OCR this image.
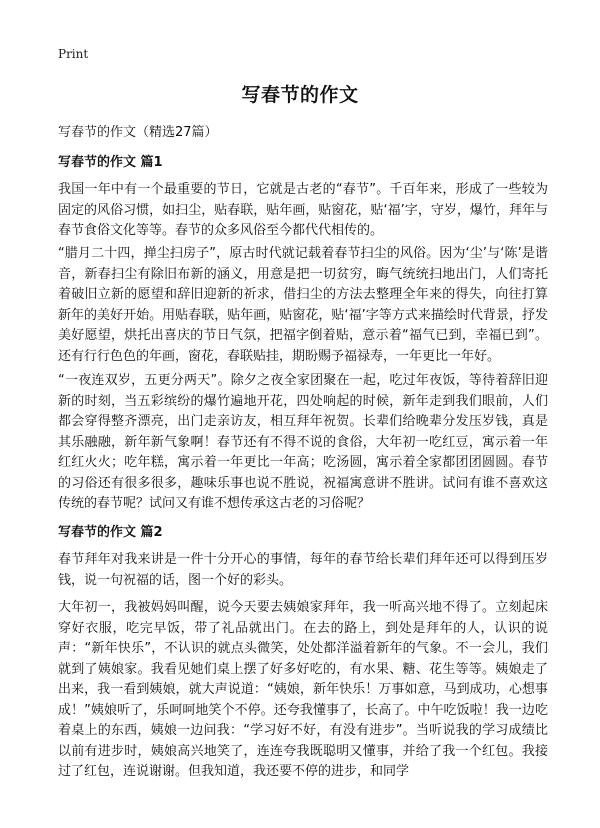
Print
写春节的作文
写春节的作文（精选27篇）
写春节的作文 篇1

我国一年中有一个最重要的节日，它就是古老的“春节”。千百年来，形成了一些较为固定的风俗习惯，如扫尘，贴春联，贴年画，贴窗花，贴‘福’字，守岁，爆竹，拜年与春节食俗文化等等。春节的众多风俗至今都代代相传的。

“腊月二十四，掸尘扫房子”，原古时代就记载着春节扫尘的风俗。因为‘尘’与‘陈’是谐音，新春扫尘有除旧布新的涵义，用意是把一切贫穷，晦气统统扫地出门，人们寄托着破旧立新的愿望和辞旧迎新的祈求，借扫尘的方法去整理全年来的得失，向往打算新年的美好开始。用贴春联，贴年画，贴窗花，贴‘福’字等方式来描绘时代背景，抒发美好愿望，烘托出喜庆的节日气氛，把福字倒着贴，意示着“福气已到，幸福已到”。还有行行色色的年画，窗花，春联贴挂，期盼赐予福禄寿，一年更比一年好。

“一夜连双岁，五更分两天”。除夕之夜全家团聚在一起，吃过年夜饭，等待着辞旧迎新的时刻，当五彩缤纷的爆竹遍地开花，四处响起的时候，新年走到我们眼前，人们都会穿得整齐漂亮，出门走亲访友，相互拜年祝贺。长辈们给晚辈分发压岁钱，真是其乐融融，新年新气象啊！春节还有不得不说的食俗，大年初一吃红豆，寓示着一年红红火火；吃年糕，寓示着一年更比一年高；吃汤圆，寓示着全家都团团圆圆。春节的习俗还有很多很多，趣味乐事也说不胜说，祝福寓意讲不胜讲。试问有谁不喜欢这传统的春节呢？试问又有谁不想传承这古老的习俗呢？

写春节的作文 篇2

春节拜年对我来讲是一件十分开心的事情，每年的春节给长辈们拜年还可以得到压岁钱，说一句祝福的话，图一个好的彩头。

大年初一，我被妈妈叫醒，说今天要去姨娘家拜年，我一听高兴地不得了。立刻起床穿好衣服，吃完早饭，带了礼品就出门。在去的路上，到处是拜年的人，认识的说声：“新年快乐”，不认识的就点头微笑，处处都洋溢着新年的气象。不一会儿，我们就到了姨娘家。我看见她们桌上摆了好多好吃的，有水果、糖、花生等等。姨娘走了出来，我一看到姨娘，就大声说道：“姨娘，新年快乐！万事如意，马到成功，心想事成！”姨娘听了，乐呵呵地笑个不停。还夸我懂事了，长高了。中午吃饭啦！我一边吃着桌上的东西，姨娘一边问我：“学习好不好，有没有进步”。当听说我的学习成绩比以前有进步时，姨娘高兴地笑了，连连夸我既聪明又懂事，并给了我一个红包。我接过了红包，连说谢谢。但我知道，我还要不停的进步，和同学
